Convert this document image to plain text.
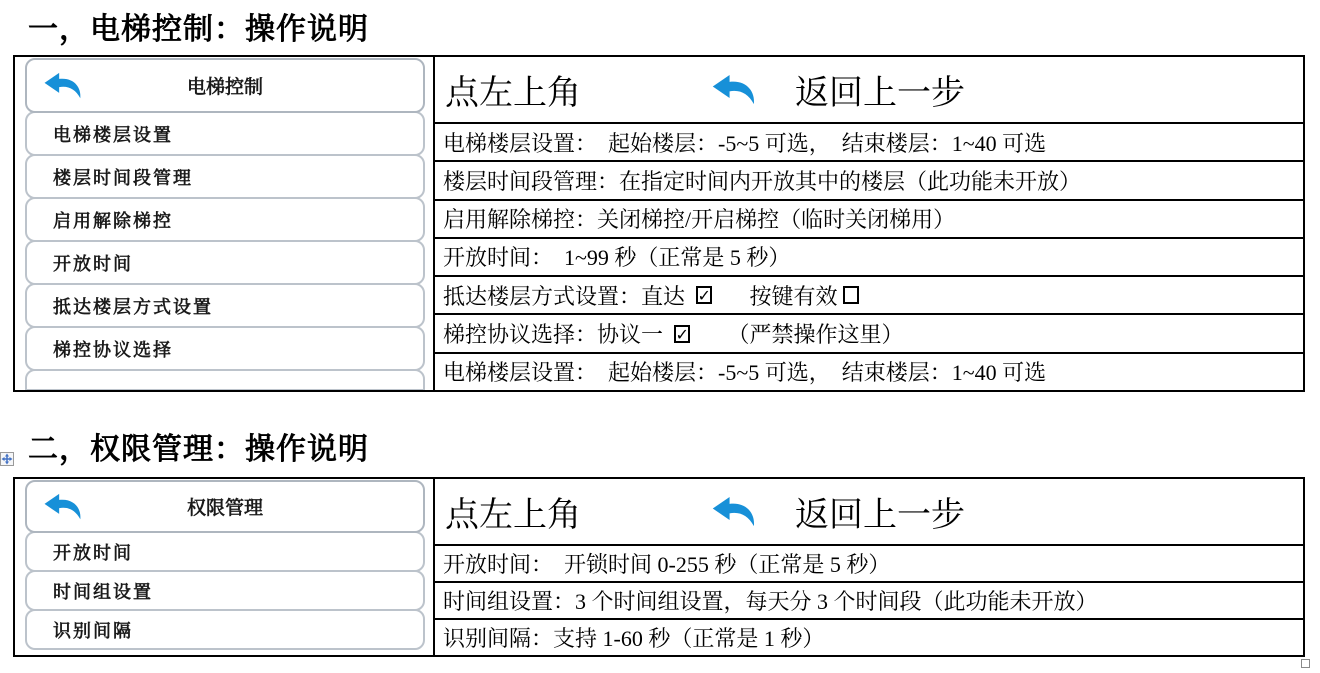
一，电梯控制：操作说明
电梯控制
电梯楼层设置
楼层时间段管理
启用解除梯控
开放时间
抵达楼层方式设置
梯控协议选择
点左上角

	返回上一步
电梯楼层设置：  起始楼层：-5~5 可选，  结束楼层：1~40 可选
楼层时间段管理：在指定时间内开放其中的楼层（此功能未开放）
启用解除梯控：关闭梯控/开启梯控（临时关闭梯用）
开放时间：  1~99 秒（正常是 5 秒）
抵达楼层方式设置：直达 ✓ 　  按键有效
梯控协议选择：协议一 ✓ 　  （严禁操作这里）
电梯楼层设置：  起始楼层：-5~5 可选，  结束楼层：1~40 可选
二，权限管理：操作说明
权限管理
开放时间
时间组设置
识别间隔
点左上角

	返回上一步
开放时间：  开锁时间 0-255 秒（正常是 5 秒）
时间组设置：3 个时间组设置，每天分 3 个时间段（此功能未开放）
识别间隔：支持 1-60 秒（正常是 1 秒）
